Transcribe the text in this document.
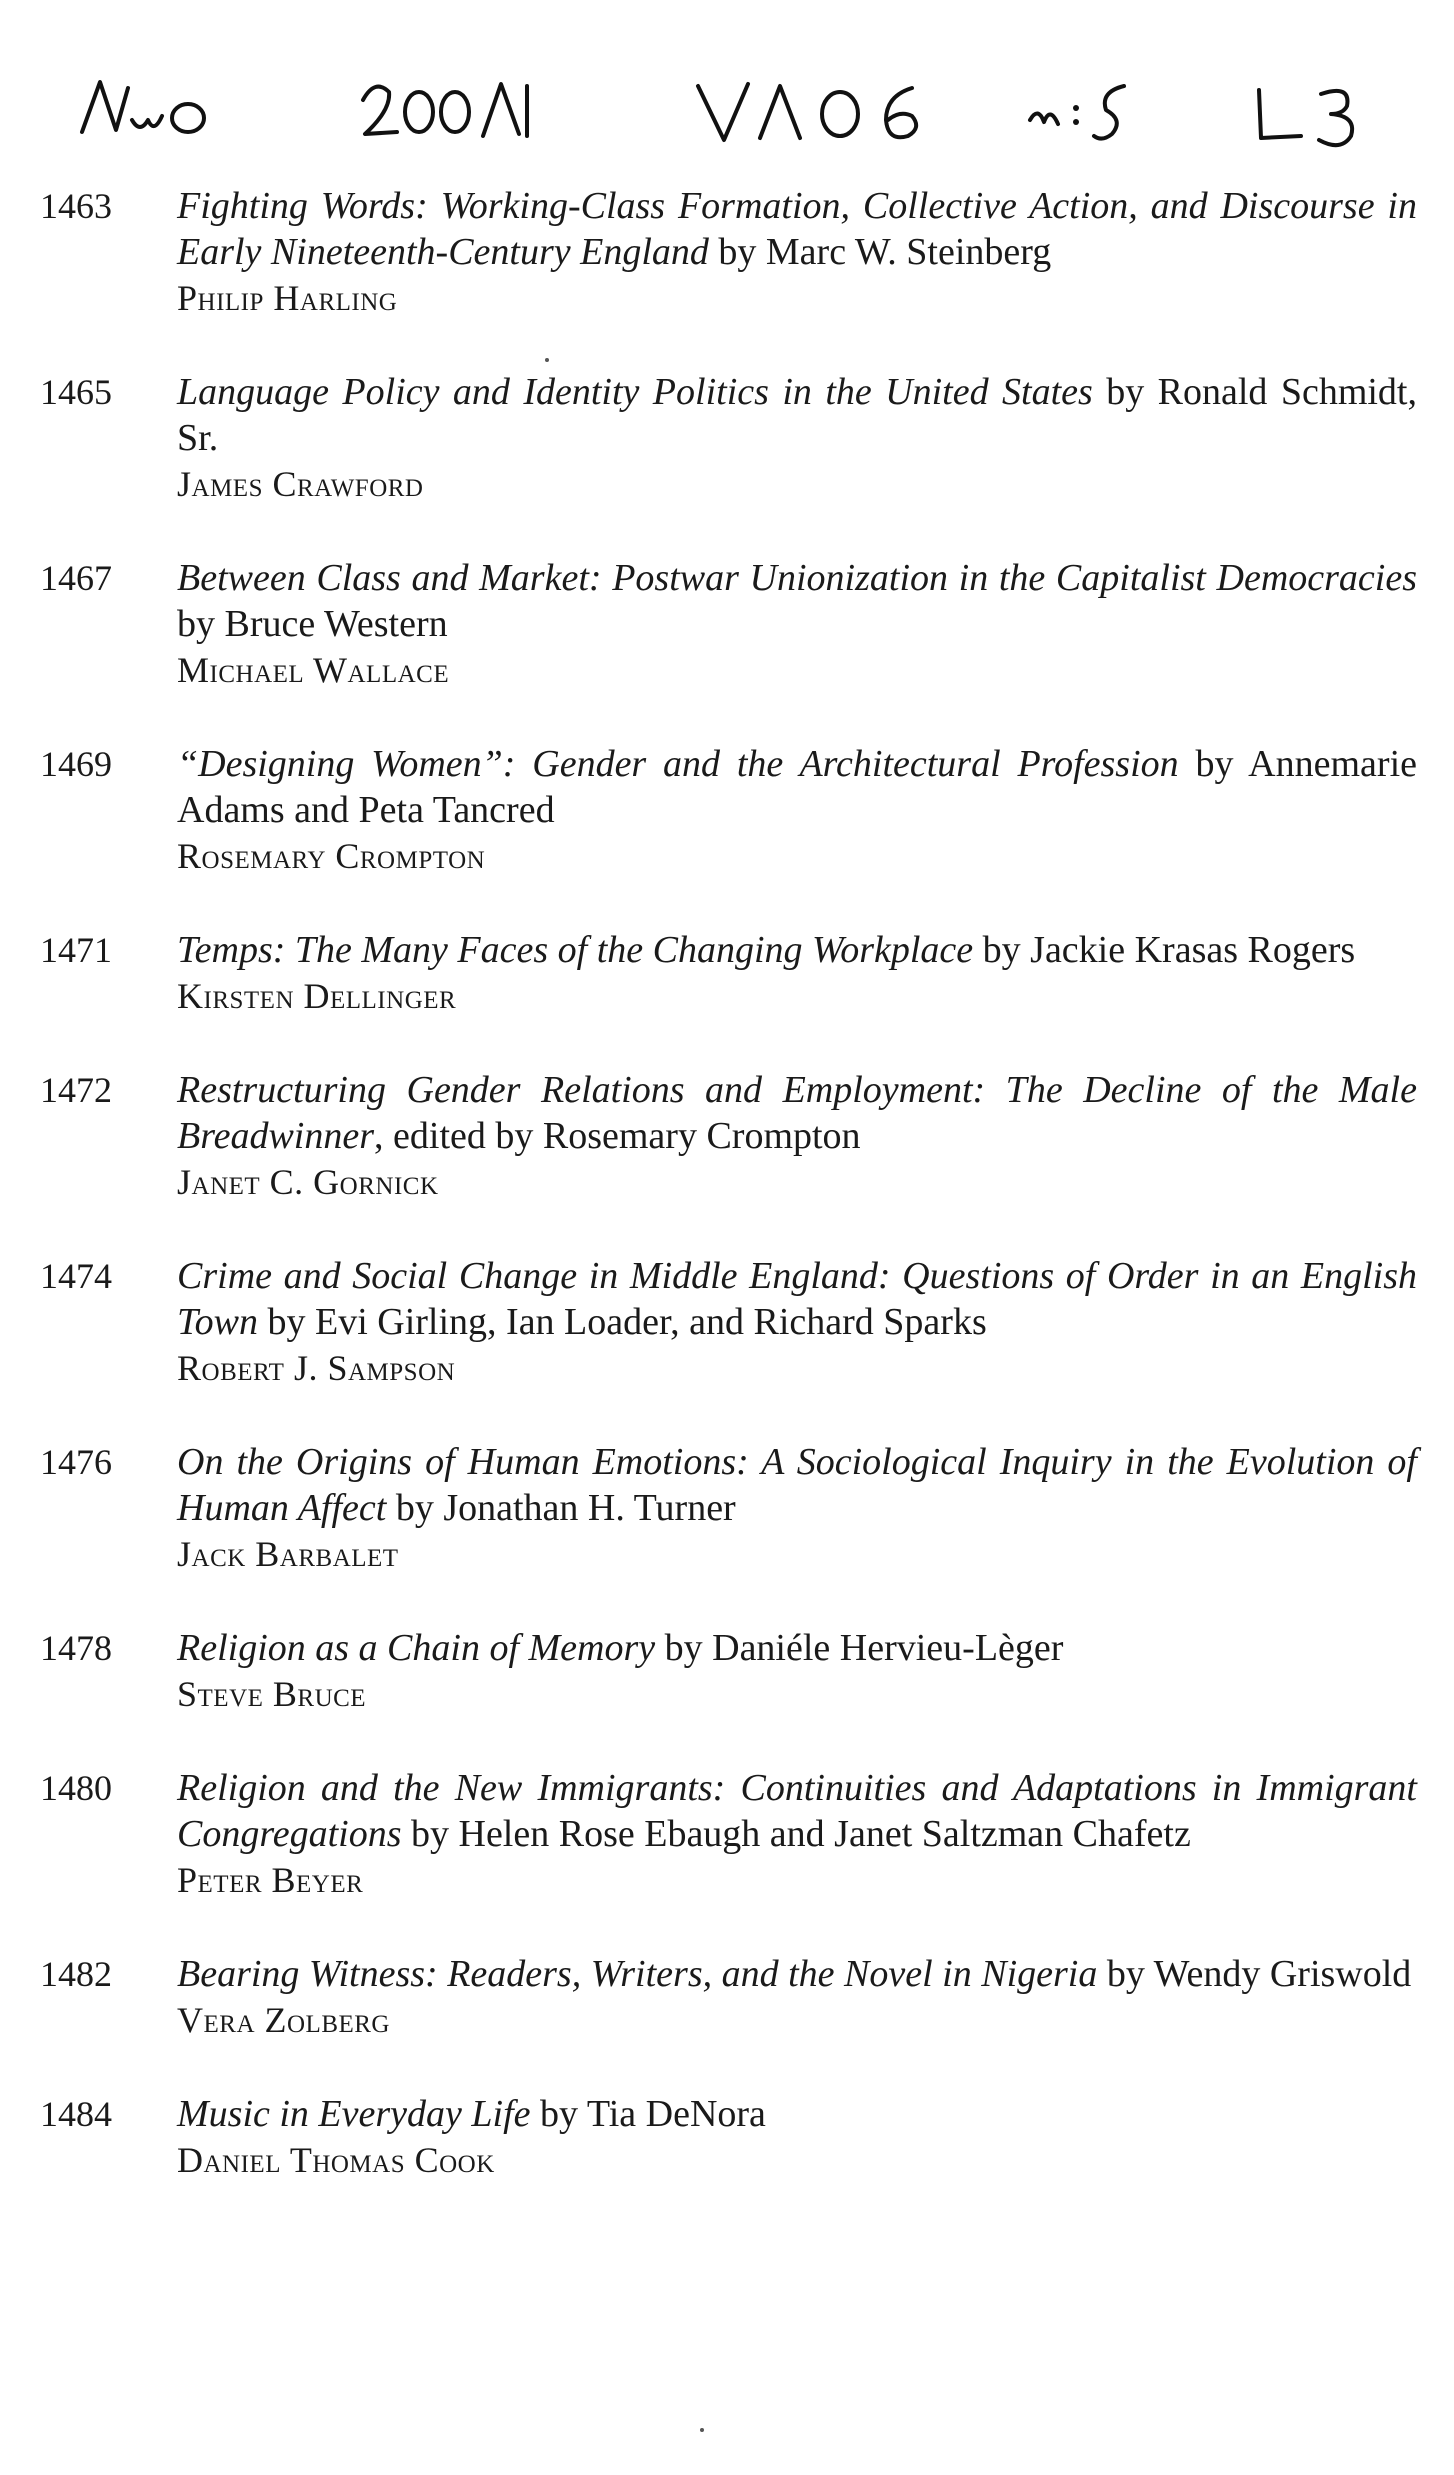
1463	Fighting Words: Working-Class Formation, Collective Action, and Discourse in Early Nineteenth-Century England by Marc W. Steinberg
Philip Harling
1465	Language Policy and Identity Politics in the United States by Ronald Schmidt, Sr.
James Crawford
1467	Between Class and Market: Postwar Unionization in the Capitalist Democracies by Bruce Western
Michael Wallace
1469	“Designing Women”: Gender and the Architectural Profession by Annemarie Adams and Peta Tancred
Rosemary Crompton
1471	Temps: The Many Faces of the Changing Workplace by Jackie Krasas Rogers
Kirsten Dellinger
1472	Restructuring Gender Relations and Employment: The Decline of the Male Breadwinner, edited by Rosemary Crompton
Janet C. Gornick
1474	Crime and Social Change in Middle England: Questions of Order in an English Town by Evi Girling, Ian Loader, and Richard Sparks
Robert J. Sampson
1476	On the Origins of Human Emotions: A Sociological Inquiry in the Evolution of Human Affect by Jonathan H. Turner
Jack Barbalet
1478	Religion as a Chain of Memory by Daniéle Hervieu-Lèger
Steve Bruce
1480	Religion and the New Immigrants: Continuities and Adaptations in Immigrant Congregations by Helen Rose Ebaugh and Janet Saltzman Chafetz
Peter Beyer
1482	Bearing Witness: Readers, Writers, and the Novel in Nigeria by Wendy Griswold
Vera Zolberg
1484	Music in Everyday Life by Tia DeNora
Daniel Thomas Cook
